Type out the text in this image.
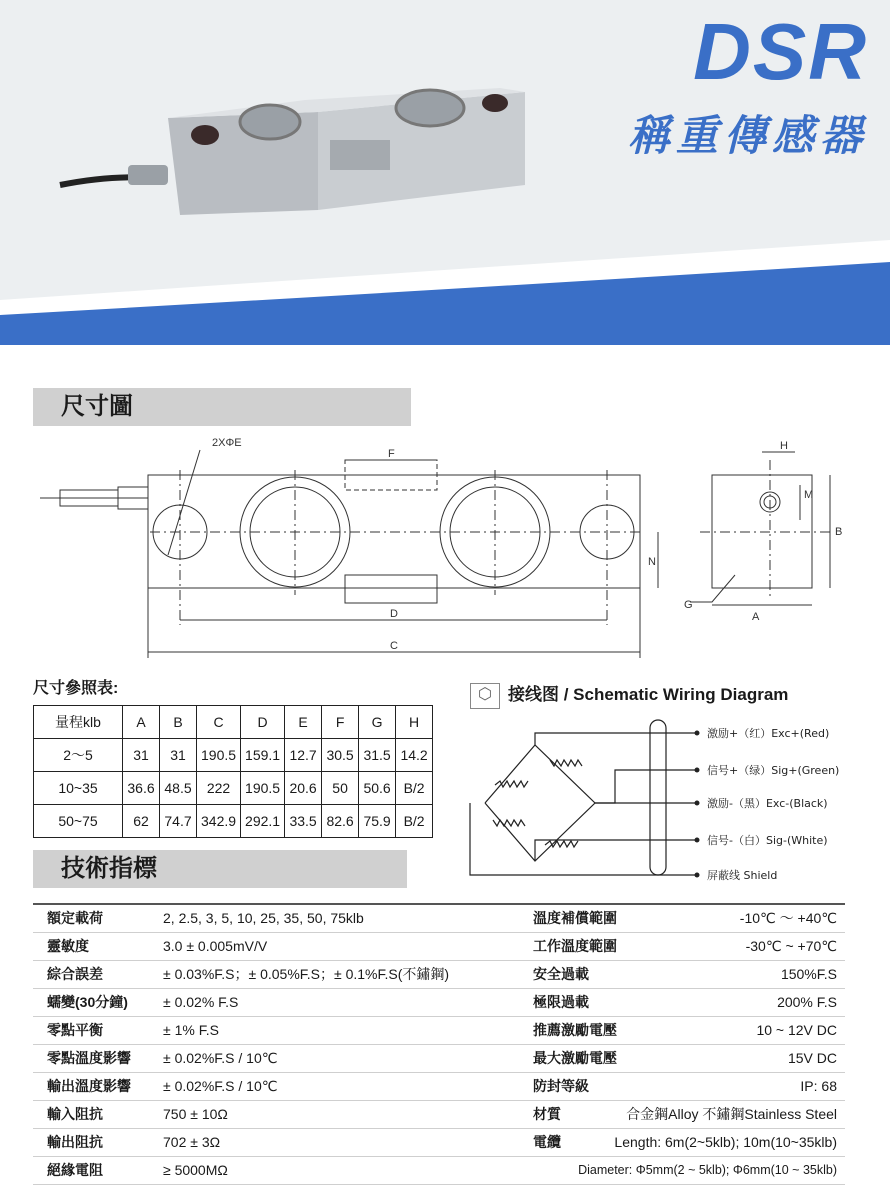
DSR
稱重傳感器
尺寸圖
2XΦE
F
D
C
N
H
M
B
G
A
尺寸參照表:
量程klb	A	B	C	D	E	F	G	H
2～5	31	31	190.5	159.1	12.7	30.5	31.5	14.2
10~35	36.6	48.5	222	190.5	20.6	50	50.6	B/2
50~75	62	74.7	342.9	292.1	33.5	82.6	75.9	B/2
⬡ 接线图 / Schematic Wiring Diagram
激励+（红）Exc+(Red)
信号+（绿）Sig+(Green)
激励-（黑）Exc-(Black)
信号-（白）Sig-(White)
屏蔽线 Shield
技術指標
額定載荷	2, 2.5, 3, 5, 10, 25, 35, 50, 75klb	溫度補償範圍	-10℃ ～ +40℃
靈敏度	3.0 ± 0.005mV/V	工作溫度範圍	-30℃ ~ +70℃
綜合誤差	± 0.03%F.S；± 0.05%F.S；± 0.1%F.S(不鏽鋼)	安全過載	150%F.S
蠕變(30分鐘)	± 0.02% F.S	極限過載	200% F.S
零點平衡	± 1% F.S	推薦激勵電壓	10 ~ 12V DC
零點溫度影響 ± 0.02%F.S / 10℃	最大激勵電壓	15V DC
輸出溫度影響 ± 0.02%F.S / 10℃	防封等級	IP: 68
輸入阻抗	750 ± 10Ω	材質	合金鋼Alloy 不鏽鋼Stainless Steel
輸出阻抗	702 ± 3Ω	電纜	Length: 6m(2~5klb); 10m(10~35klb)
絕緣電阻	≥ 5000MΩ	Diameter: Φ5mm(2 ~ 5klb); Φ6mm(10 ~ 35klb)
